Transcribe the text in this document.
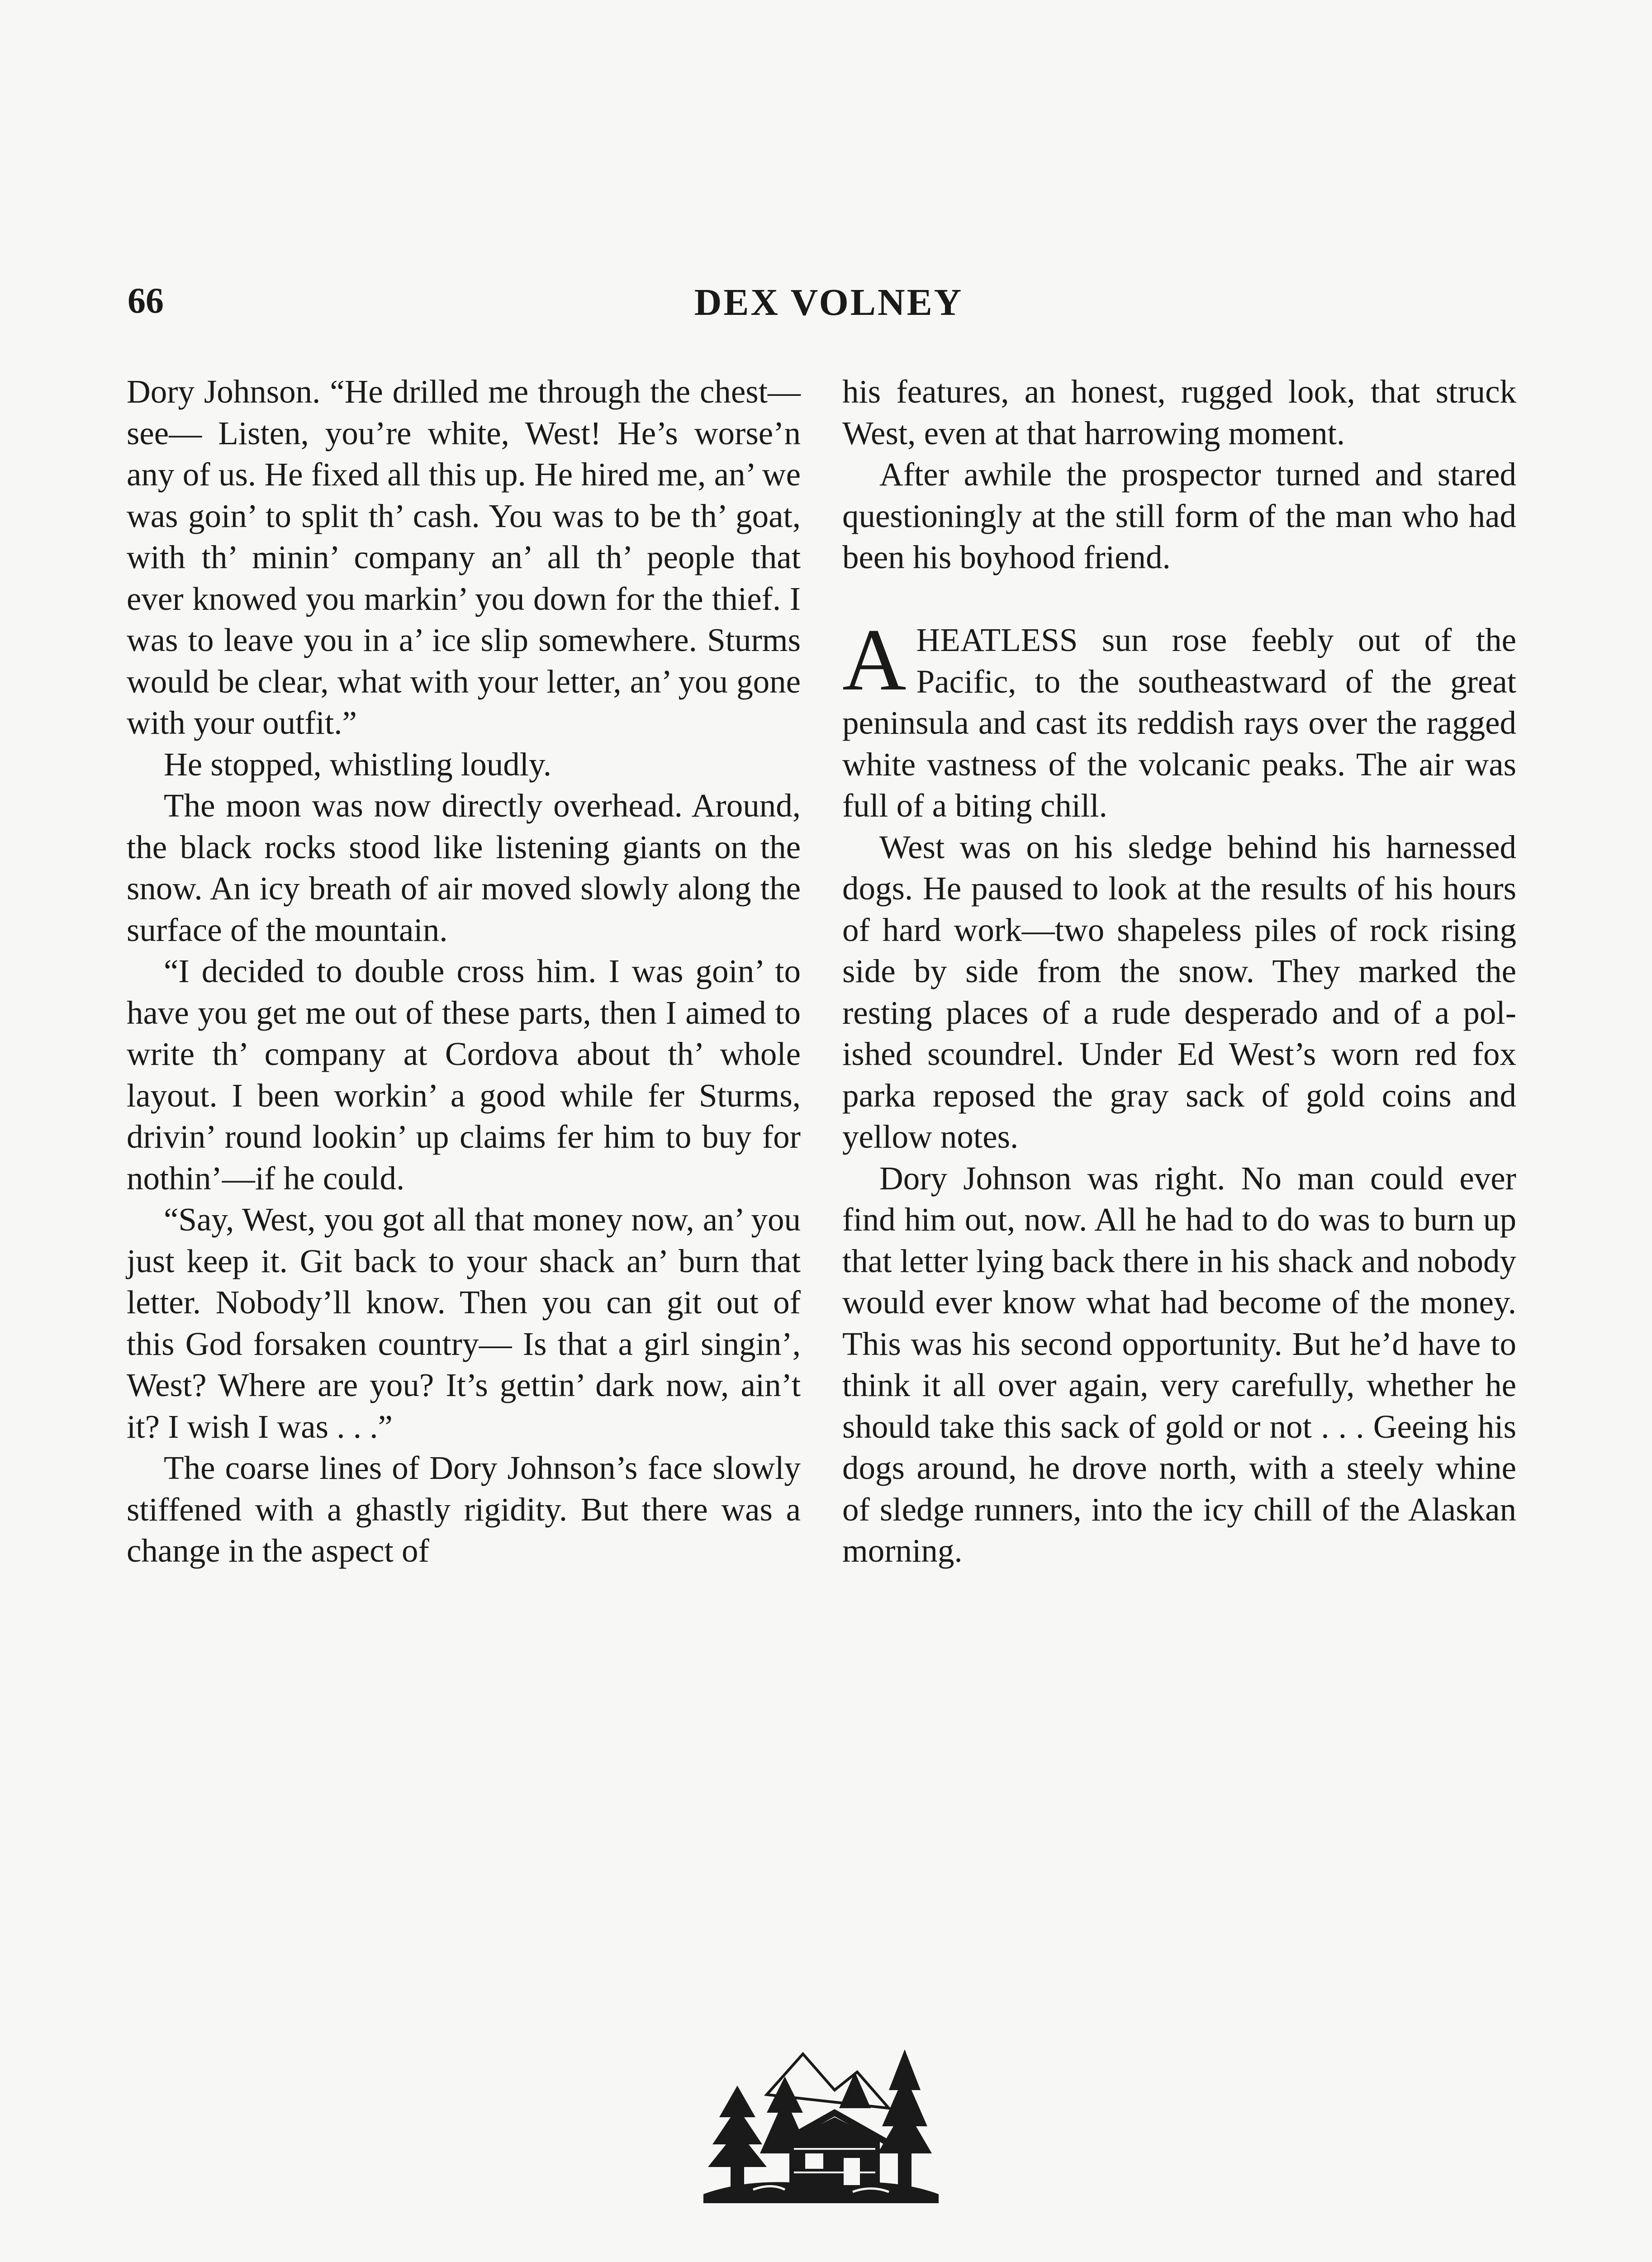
66	DEX VOLNEY

Dory Johnson. “He drilled me through the chest—see— Listen, you’re white, West! He’s worse’n any of us. He fixed all this up. He hired me, an’ we was goin’ to split th’ cash. You was to be th’ goat, with th’ minin’ company an’ all th’ people that ever knowed you markin’ you down for the thief. I was to leave you in a’ ice slip somewhere. Sturms would be clear, what with your letter, an’ you gone with your outfit.”

He stopped, whistling loudly.

The moon was now directly overhead. Around, the black rocks stood like listening giants on the snow. An icy breath of air moved slowly along the surface of the mountain.

“I decided to double cross him. I was goin’ to have you get me out of these parts, then I aimed to write th’ company at Cordova about th’ whole layout. I been workin’ a good while fer Sturms, drivin’ round lookin’ up claims fer him to buy for nothin’—if he could.

“Say, West, you got all that money now, an’ you just keep it. Git back to your shack an’ burn that letter. Nobody’ll know. Then you can git out of this God forsaken country— Is that a girl singin’, West? Where are you? It’s gettin’ dark now, ain’t it? I wish I was . . .”

The coarse lines of Dory Johnson’s face slowly stiffened with a ghastly rigidity. But there was a change in the aspect of

his features, an honest, rugged look, that struck West, even at that harrowing moment.

After awhile the prospector turned and stared questioningly at the still form of the man who had been his boyhood friend.

AHEATLESS sun rose feebly out of the Pacific, to the southeastward of the great peninsula and cast its reddish rays over the ragged white vastness of the volcanic peaks. The air was full of a biting chill.

West was on his sledge behind his harnessed dogs. He paused to look at the results of his hours of hard work—two shapeless piles of rock rising side by side from the snow. They marked the resting places of a rude desperado and of a polished scoundrel. Under Ed West’s worn red fox parka reposed the gray sack of gold coins and yellow notes.

Dory Johnson was right. No man could ever find him out, now. All he had to do was to burn up that letter lying back there in his shack and nobody would ever know what had become of the money. This was his second opportunity. But he’d have to think it all over again, very carefully, whether he should take this sack of gold or not . . . Geeing his dogs around, he drove north, with a steely whine of sledge runners, into the icy chill of the Alaskan morning.
